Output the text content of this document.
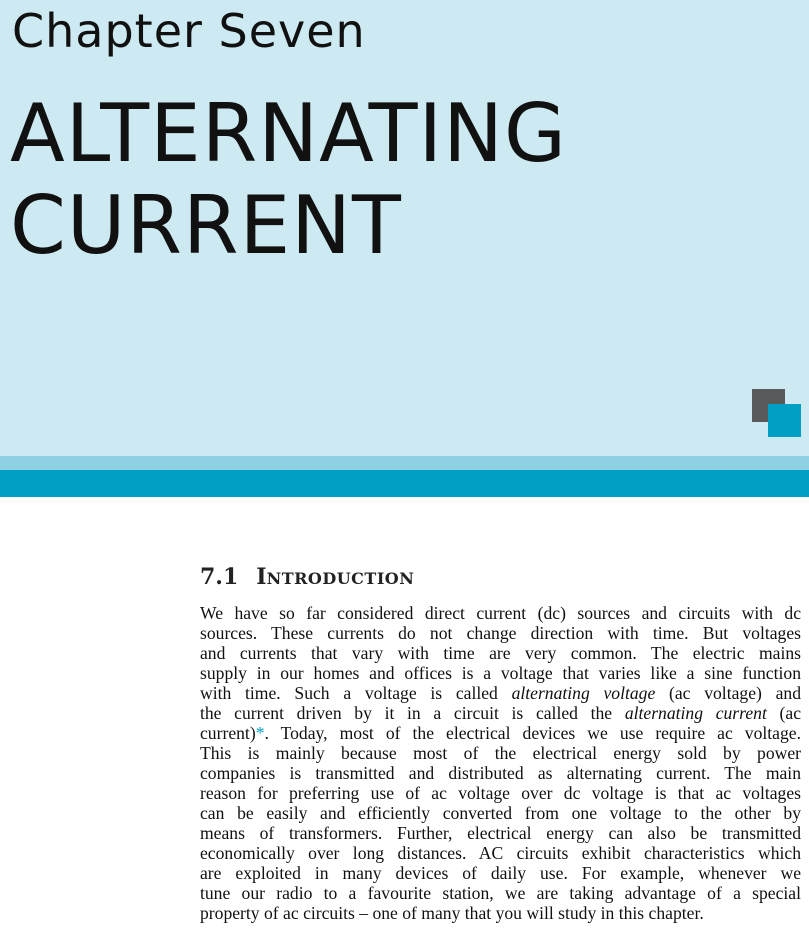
Chapter Seven
ALTERNATING
CURRENT
7.1 INTRODUCTION

We have so far considered direct current (dc) sources and circuits with dc
sources. These currents do not change direction with time. But voltages
and currents that vary with time are very common. The electric mains
supply in our homes and offices is a voltage that varies like a sine function
with time. Such a voltage is called alternating voltage (ac voltage) and
the current driven by it in a circuit is called the alternating current (ac
current)*. Today, most of the electrical devices we use require ac voltage.
This is mainly because most of the electrical energy sold by power
companies is transmitted and distributed as alternating current. The main
reason for preferring use of ac voltage over dc voltage is that ac voltages
can be easily and efficiently converted from one voltage to the other by
means of transformers. Further, electrical energy can also be transmitted
economically over long distances. AC circuits exhibit characteristics which
are exploited in many devices of daily use. For example, whenever we
tune our radio to a favourite station, we are taking advantage of a special
property of ac circuits – one of many that you will study in this chapter.
